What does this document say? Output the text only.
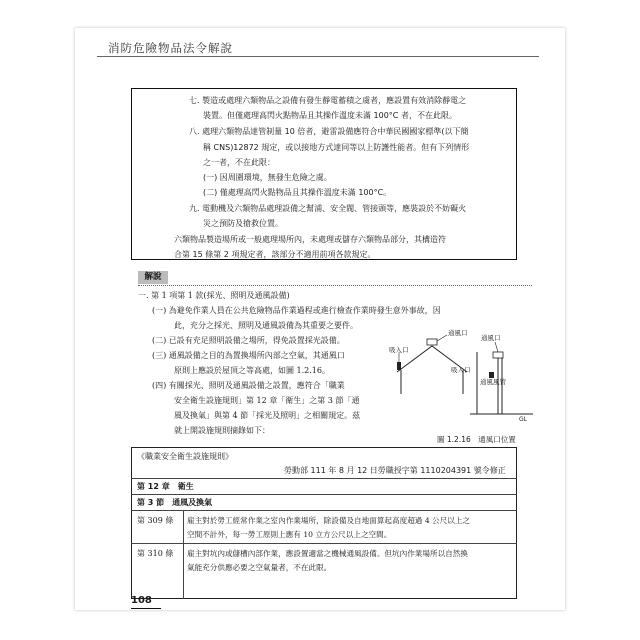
消防危險物品法令解說
七. 製造或處理六類物品之設備有發生靜電蓄積之虞者，應設置有效消除靜電之
裝置。但僅處理高閃火點物品且其操作溫度未滿 100°C 者，不在此限。
八. 處理六類物品達管制量 10 倍者，避雷設備應符合中華民國國家標準(以下簡
稱 CNS)12872 規定，或以接地方式達同等以上防護性能者。但有下列情形
之一者，不在此限：
(一) 因周圍環境，無發生危險之虞。
(二) 僅處理高閃火點物品且其操作溫度未滿 100°C。
九. 電動機及六類物品處理設備之幫浦、安全閥、管接頭等，應裝設於不妨礙火
災之預防及搶救位置。
六類物品製造場所或一般處理場所內，未處理或儲存六類物品部分，其構造符
合第 15 條第 2 項規定者，該部分不適用前項各款規定。
解說
一. 第 1 項第 1 款(採光、照明及通風設備)
(一) 為避免作業人員在公共危險物品作業過程或進行檢查作業時發生意外事故，因
此，充分之採光、照明及通風設備為其重要之要件。
(二) 已設有充足照明設備之場所，得免設置採光設備。
(三) 通風設備之目的為置換場所內部之空氣，其通風口
原則上應設於屋頂之等高處，如圖 1.2.16。
(四) 有關採光、照明及通風設備之設置，應符合「職業
安全衛生設施規則」第 12 章「衛生」之第 3 節「通
風及換氣」與第 4 節「採光及照明」之相關規定。茲
就上開設施規則摘錄如下：
通風口
吸入口
通風口
吸入口
通風風管
GL
圖 1.2.16　通風口位置
《職業安全衛生設施規則》
勞動部 111 年 8 月 12 日勞職授字第 1110204391 號令修正
第 12 章　衛生
第 3 節　通風及換氣
第 309 條 雇主對於勞工經常作業之室內作業場所，除設備及自地面算起高度超過 4 公尺以上之
空間不計外，每一勞工原則上應有 10 立方公尺以上之空間。
第 310 條 雇主對坑內或儲槽內部作業，應設置適當之機械通風設備。但坑內作業場所以自然換
氣能充分供應必要之空氣量者，不在此限。
108
